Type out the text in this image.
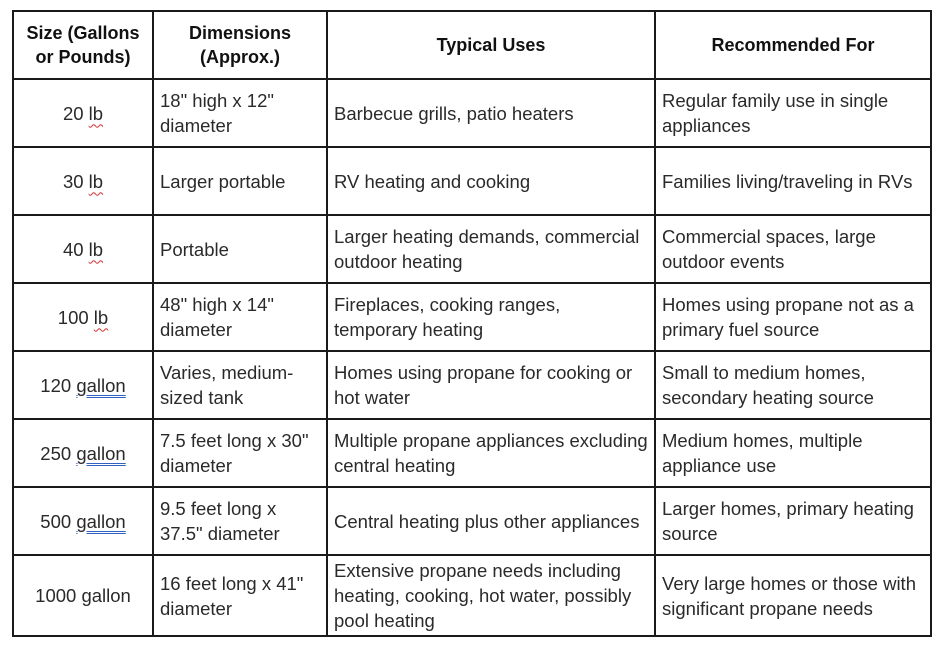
Size (Gallons or Pounds)	Dimensions (Approx.)	Typical Uses	Recommended For
20 lb	18" high x 12" diameter	Barbecue grills, patio heaters	Regular family use in single appliances
30 lb	Larger portable	RV heating and cooking	Families living/traveling in RVs
40 lb	Portable	Larger heating demands, commercial outdoor heating	Commercial spaces, large outdoor events
100 lb	48" high x 14" diameter	Fireplaces, cooking ranges, temporary heating	Homes using propane not as a primary fuel source
120 gallon	Varies, medium-sized tank	Homes using propane for cooking or hot water	Small to medium homes, secondary heating source
250 gallon	7.5 feet long x 30" diameter	Multiple propane appliances excluding central heating	Medium homes, multiple appliance use
500 gallon	9.5 feet long x 37.5" diameter	Central heating plus other appliances	Larger homes, primary heating source
1000 gallon	16 feet long x 41" diameter	Extensive propane needs including heating, cooking, hot water, possibly pool heating	Very large homes or those with significant propane needs
